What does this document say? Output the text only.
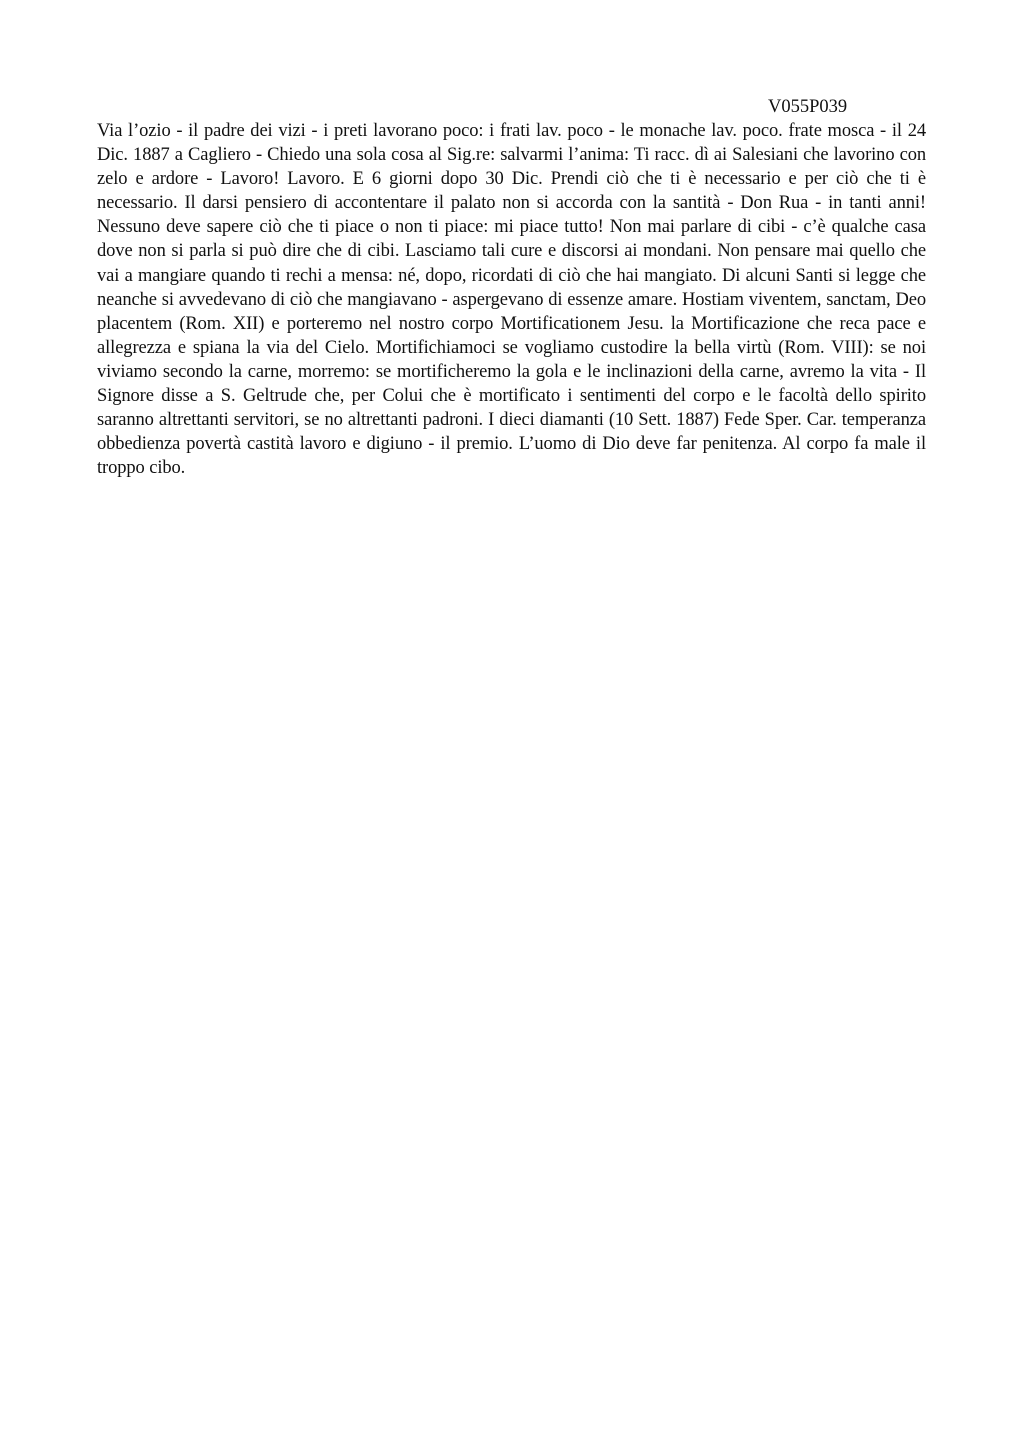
V055P039

Via l’ozio - il padre dei vizi - i preti lavorano poco: i frati lav. poco - le monache lav. poco. frate mosca - il 24 Dic. 1887 a Cagliero - Chiedo una sola cosa al Sig.re: salvarmi l’anima: Ti racc. dì ai Salesiani che lavorino con zelo e ardore - Lavoro! Lavoro. E 6 giorni dopo 30 Dic. Prendi ciò che ti è necessario e per ciò che ti è necessario. Il darsi pensiero di accontentare il palato non si accorda con la santità - Don Rua - in tanti anni! Nessuno deve sapere ciò che ti piace o non ti piace: mi piace tutto! Non mai parlare di cibi - c’è qualche casa dove non si parla si può dire che di cibi. Lasciamo tali cure e discorsi ai mondani. Non pensare mai quello che vai a mangiare quando ti rechi a mensa: né, dopo, ricordati di ciò che hai mangiato. Di alcuni Santi si legge che neanche si avvedevano di ciò che mangiavano - aspergevano di essenze amare. Hostiam viventem, sanctam, Deo placentem (Rom. XII) e porteremo nel nostro corpo Mortificationem Jesu. la Mortificazione che reca pace e allegrezza e spiana la via del Cielo. Mortifichiamoci se vogliamo custodire la bella virtù (Rom. VIII): se noi viviamo secondo la carne, morremo: se mortificheremo la gola e le inclinazioni della carne, avremo la vita - Il Signore disse a S. Geltrude che, per Colui che è mortificato i sentimenti del corpo e le facoltà dello spirito saranno altrettanti servitori, se no altrettanti padroni. I dieci diamanti (10 Sett. 1887) Fede Sper. Car. temperanza obbedienza povertà castità lavoro e digiuno - il premio. L’uomo di Dio deve far penitenza. Al corpo fa male il troppo cibo.
